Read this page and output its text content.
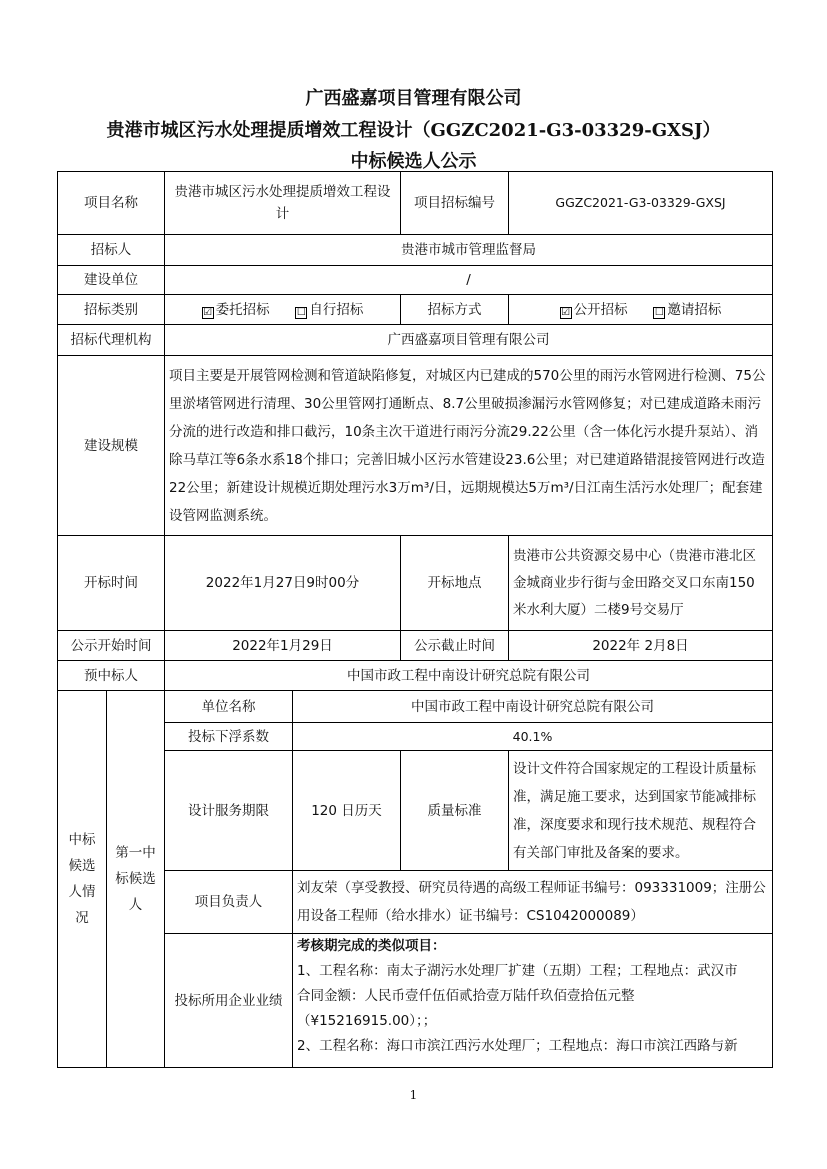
广西盛嘉项目管理有限公司
贵港市城区污水处理提质增效工程设计（GGZC2021-G3-03329-GXSJ）
中标候选人公示
项目名称		贵港市城区污水处理提质增效工程设计		项目招标编号	GGZC2021-G3-03329-GXSJ
招标人		贵港市城市管理监督局			
建设单位		/			
招标类别		☑ 委托招标 ☐ 自行招标		招标方式	☑ 公开招标 ☐ 邀请招标
招标代理机构		广西盛嘉项目管理有限公司			
建设规模		项目主要是开展管网检测和管道缺陷修复，对城区内已建成的570公里的雨污水管网进行检测、75公里淤堵管网进行清理、30公里管网打通断点、8.7公里破损渗漏污水管网修复；对已建成道路未雨污分流的进行改造和排口截污，10条主次干道进行雨污分流29.22公里（含一体化污水提升泵站）、消除马草江等6条水系18个排口；完善旧城小区污水管建设23.6公里；对已建道路错混接管网进行改造22公里；新建设计规模近期处理污水3万m³/日，远期规模达5万m³/日江南生活污水处理厂；配套建设管网监测系统。			
开标时间		2022年1月27日9时00分		开标地点	贵港市公共资源交易中心（贵港市港北区金城商业步行街与金田路交叉口东南150米水利大厦）二楼9号交易厅
公示开始时间		2022年1月29日		公示截止时间	2022年 2月8日
预中标人		中国市政工程中南设计研究总院有限公司			
中标候选人情况	第一中标候选人	单位名称	中国市政工程中南设计研究总院有限公司		
		投标下浮系数	40.1%		
		设计服务期限	120 日历天	质量标准	设计文件符合国家规定的工程设计质量标准，满足施工要求，达到国家节能减排标准，深度要求和现行技术规范、规程符合有关部门审批及备案的要求。
		项目负责人	刘友荣（享受教授、研究员待遇的高级工程师证书编号：093331009；注册公用设备工程师（给水排水）证书编号：CS1042000089）		
		投标所用企业业绩	考核期完成的类似项目：
1、工程名称：南太子湖污水处理厂扩建（五期）工程；工程地点：武汉市
合同金额：人民币壹仟伍佰贰拾壹万陆仟玖佰壹拾伍元整
（¥15216915.00）；；
2、工程名称：海口市滨江西污水处理厂；工程地点：海口市滨江西路与新		
1
